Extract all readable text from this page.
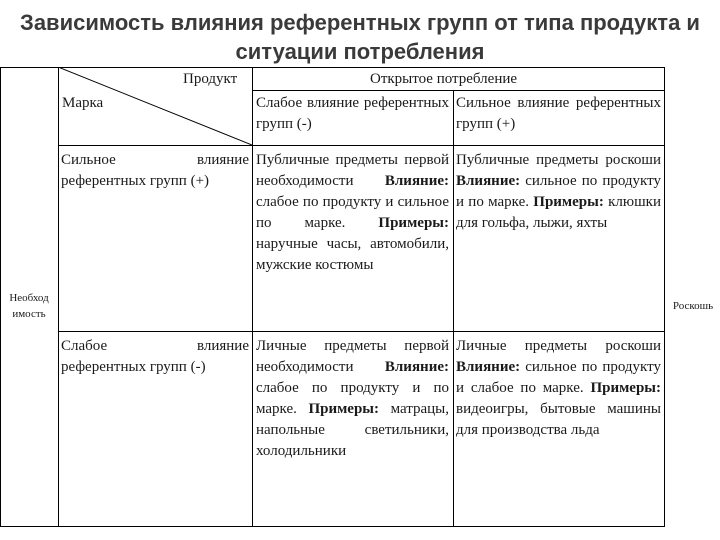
Зависимость влияния референтных групп от типа продукта и ситуации потребления
Продукт
Марка
Открытое потребление
Слабое влияние референтных групп (-)
Сильное влияние референтных групп (+)
Сильное влияние референтных групп (+)
Слабое влияние референтных групп (-)
Публичные предметы первой необходимости Влияние: слабое по продукту и сильное по марке. Примеры: наручные часы, автомобили, мужские костюмы
Публичные предметы роскоши Влияние: сильное по продукту и по марке. Примеры: клюшки для гольфа, лыжи, яхты
Личные предметы первой необходимости Влияние: слабое по продукту и по марке. Примеры: матрацы, напольные светильники, холодильники
Личные предметы роскоши Влияние: сильное по продукту и слабое по марке. Примеры: видеоигры, бытовые машины для производства льда
Необход имость
Роскошь
